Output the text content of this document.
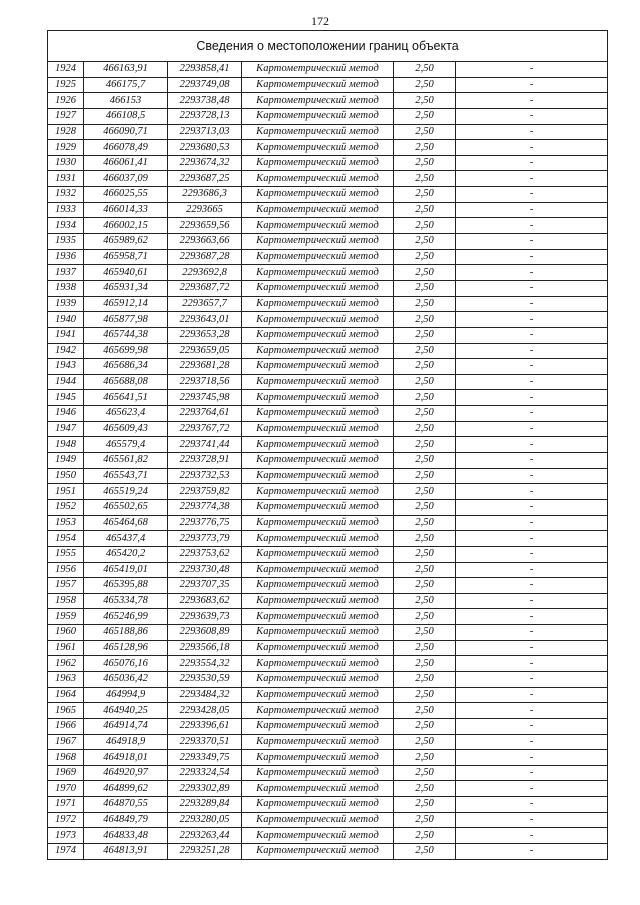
172
Сведения о местоположении границ объекта					
1924	466163,91	2293858,41	Картометрический метод	2,50	-
1925	466175,7	2293749,08	Картометрический метод	2,50	-
1926	466153	2293738,48	Картометрический метод	2,50	-
1927	466108,5	2293728,13	Картометрический метод	2,50	-
1928	466090,71	2293713,03	Картометрический метод	2,50	-
1929	466078,49	2293680,53	Картометрический метод	2,50	-
1930	466061,41	2293674,32	Картометрический метод	2,50	-
1931	466037,09	2293687,25	Картометрический метод	2,50	-
1932	466025,55	2293686,3	Картометрический метод	2,50	-
1933	466014,33	2293665	Картометрический метод	2,50	-
1934	466002,15	2293659,56	Картометрический метод	2,50	-
1935	465989,62	2293663,66	Картометрический метод	2,50	-
1936	465958,71	2293687,28	Картометрический метод	2,50	-
1937	465940,61	2293692,8	Картометрический метод	2,50	-
1938	465931,34	2293687,72	Картометрический метод	2,50	-
1939	465912,14	2293657,7	Картометрический метод	2,50	-
1940	465877,98	2293643,01	Картометрический метод	2,50	-
1941	465744,38	2293653,28	Картометрический метод	2,50	-
1942	465699,98	2293659,05	Картометрический метод	2,50	-
1943	465686,34	2293681,28	Картометрический метод	2,50	-
1944	465688,08	2293718,56	Картометрический метод	2,50	-
1945	465641,51	2293745,98	Картометрический метод	2,50	-
1946	465623,4	2293764,61	Картометрический метод	2,50	-
1947	465609,43	2293767,72	Картометрический метод	2,50	-
1948	465579,4	2293741,44	Картометрический метод	2,50	-
1949	465561,82	2293728,91	Картометрический метод	2,50	-
1950	465543,71	2293732,53	Картометрический метод	2,50	-
1951	465519,24	2293759,82	Картометрический метод	2,50	-
1952	465502,65	2293774,38	Картометрический метод	2,50	-
1953	465464,68	2293776,75	Картометрический метод	2,50	-
1954	465437,4	2293773,79	Картометрический метод	2,50	-
1955	465420,2	2293753,62	Картометрический метод	2,50	-
1956	465419,01	2293730,48	Картометрический метод	2,50	-
1957	465395,88	2293707,35	Картометрический метод	2,50	-
1958	465334,78	2293683,62	Картометрический метод	2,50	-
1959	465246,99	2293639,73	Картометрический метод	2,50	-
1960	465188,86	2293608,89	Картометрический метод	2,50	-
1961	465128,96	2293566,18	Картометрический метод	2,50	-
1962	465076,16	2293554,32	Картометрический метод	2,50	-
1963	465036,42	2293530,59	Картометрический метод	2,50	-
1964	464994,9	2293484,32	Картометрический метод	2,50	-
1965	464940,25	2293428,05	Картометрический метод	2,50	-
1966	464914,74	2293396,61	Картометрический метод	2,50	-
1967	464918,9	2293370,51	Картометрический метод	2,50	-
1968	464918,01	2293349,75	Картометрический метод	2,50	-
1969	464920,97	2293324,54	Картометрический метод	2,50	-
1970	464899,62	2293302,89	Картометрический метод	2,50	-
1971	464870,55	2293289,84	Картометрический метод	2,50	-
1972	464849,79	2293280,05	Картометрический метод	2,50	-
1973	464833,48	2293263,44	Картометрический метод	2,50	-
1974	464813,91	2293251,28	Картометрический метод	2,50	-
